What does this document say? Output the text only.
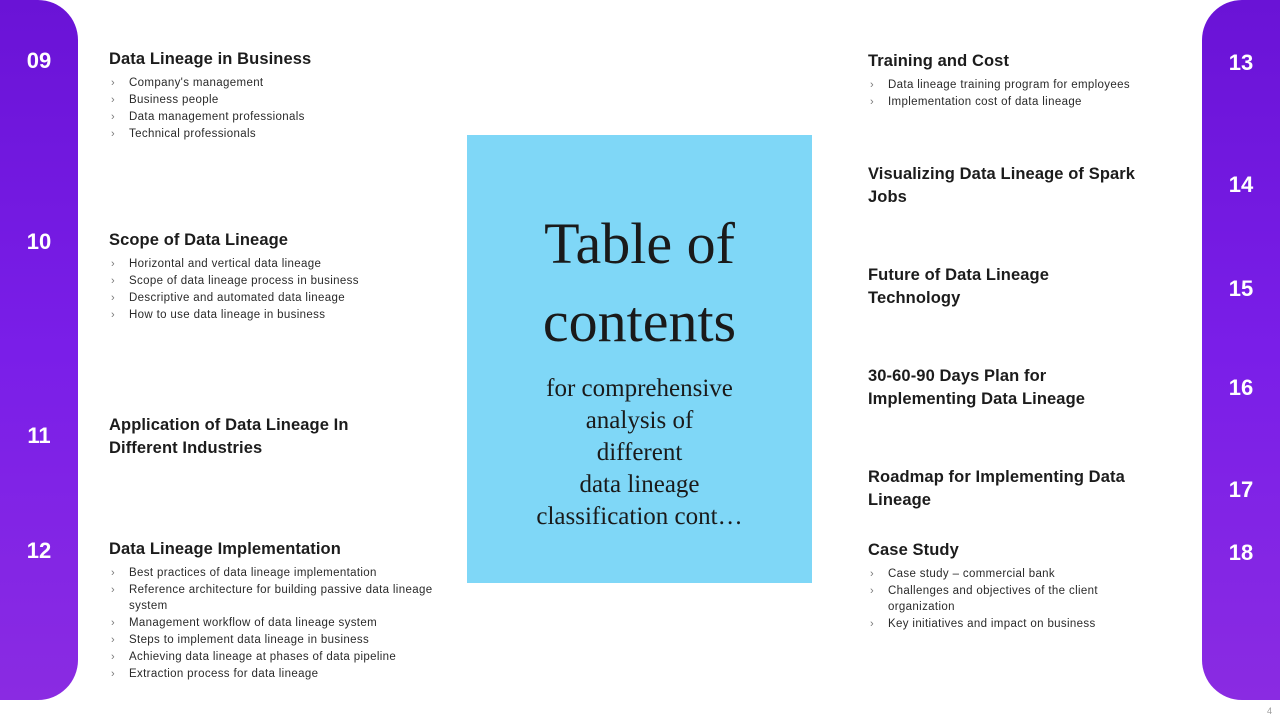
09
10
11
12
13
14
15
16
17
18
Table of
contents
for comprehensive
analysis of
different
data lineage
classification cont…
Data Lineage in Business
› Company's management
› Business people
› Data management professionals
› Technical professionals
Scope of Data Lineage
› Horizontal and vertical data lineage
› Scope of data lineage process in business
› Descriptive and automated data lineage
› How to use data lineage in business
Application of Data Lineage In Different Industries
Data Lineage Implementation
› Best practices of data lineage implementation
› Reference architecture for building passive data lineage system
› Management workflow of data lineage system
› Steps to implement data lineage in business
› Achieving data lineage at phases of data pipeline
› Extraction process for data lineage
Training and Cost
› Data lineage training program for employees
› Implementation cost of data lineage
Visualizing Data Lineage of Spark Jobs
Future of Data Lineage Technology
30-60-90 Days Plan for Implementing Data Lineage
Roadmap for Implementing Data Lineage
Case Study
› Case study – commercial bank
› Challenges and objectives of the client organization
› Key initiatives and impact on business
4
